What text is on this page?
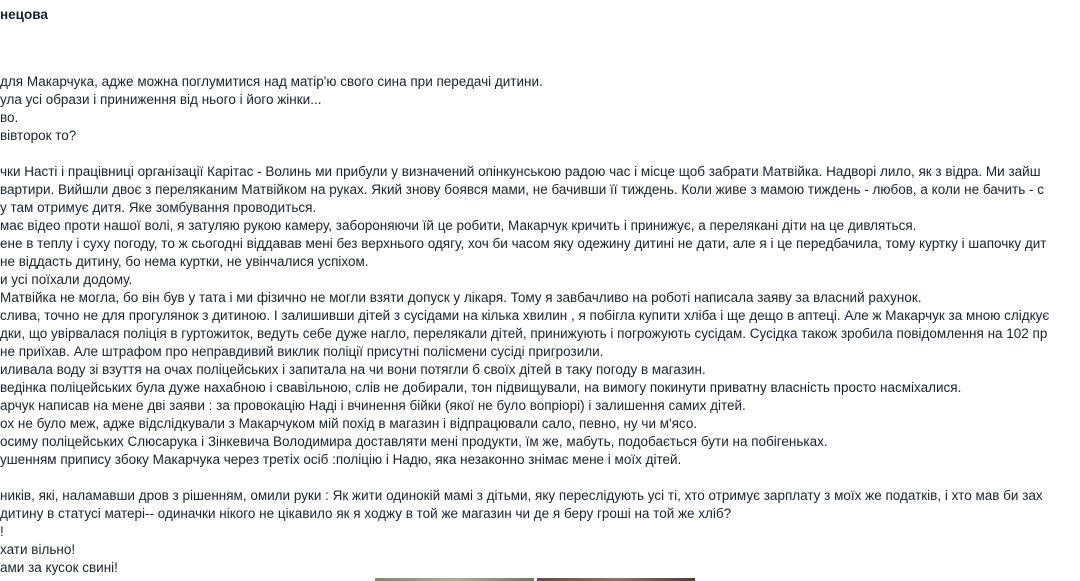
нецова
для Макарчука, адже можна поглумитися над матір'ю свого сина при передачі дитини.
ула усі образи і приниження від нього і його жінки...
во.
вівторок то?
чки Насті і працівниці організації Карітас - Волинь ми прибули у визначений опінкунською радою час і місце щоб забрати Матвійка. Надворі лило, як з відра. Ми зайш
вартири. Вийшли двоє з переляканим Матвійком на руках. Який знову боявся мами, не бачивши її тиждень. Коли живе з мамою тиждень - любов, а коли не бачить - с
у там отримує дитя. Яке зомбування проводиться.
має відео проти нашої волі, я затуляю рукою камеру, забороняючи їй це робити, Макарчук кричить і принижує, а перелякані діти на це дивляться.
ене в теплу і суху погоду, то ж сьогодні віддавав мені без верхнього одягу, хоч би часом яку одежину дитині не дати, але я і це передбачила, тому куртку і шапочку дит
не віддасть дитину, бо нема куртки, не увінчалися успіхом.
и усі поїхали додому.
Матвійка не могла, бо він був у тата і ми фізично не могли взяти допуск у лікаря. Тому я завбачливо на роботі написала заяву за власний рахунок.
слива, точно не для прогулянок з дитиною. І залишивши дітей з сусідами на кілька хвилин , я побігла купити хліба і ще дещо в аптеці. Але ж Макарчук за мною слідкує
дки, що увірвалася поліція в гуртожиток, ведуть себе дуже нагло, перелякали дітей, принижують і погрожують сусідам. Сусідка також зробила повідомлення на 102 пр
не приїхав. Але штрафом про неправдивий виклик поліції присутні полісмени сусіді пригрозили.
иливала воду зі взуття на очах поліцейських і запитала на чи вони потягли б своїх дітей в таку погоду в магазин.
ведінка поліцейських була дуже нахабною і свавільною, слів не добирали, тон підвищували, на вимогу покинути приватну власність просто насміхалися.
арчук написав на мене дві заяви : за провокацію Наді і вчинення бійки (якої не було вопріорі) і залишення самих дітей.
ох не було меж, адже відслідкували з Макарчуком мій похід в магазин і відпрацювали сало, певно, ну чи м'ясо.
осиму поліцейських Слюсарука і Зінкевича Володимира доставляти мені продукти, їм же, мабуть, подобається бути на побігеньках.
ушенням припису збоку Макарчука через третіх осіб :поліцію і Надю, яка незаконно знімає мене і моїх дітей.
ників, які, наламавши дров з рішенням, омили руки : Як жити одинокій мамі з дітьми, яку переслідують усі ті, хто отримує зарплату з моїх же податків, і хто мав би зах
дитину в статусі матері-- одиначки нікого не цікавило як я ходжу в той же магазин чи де я беру гроші на той же хліб?
!
хати вільно!
ами за кусок свині!
